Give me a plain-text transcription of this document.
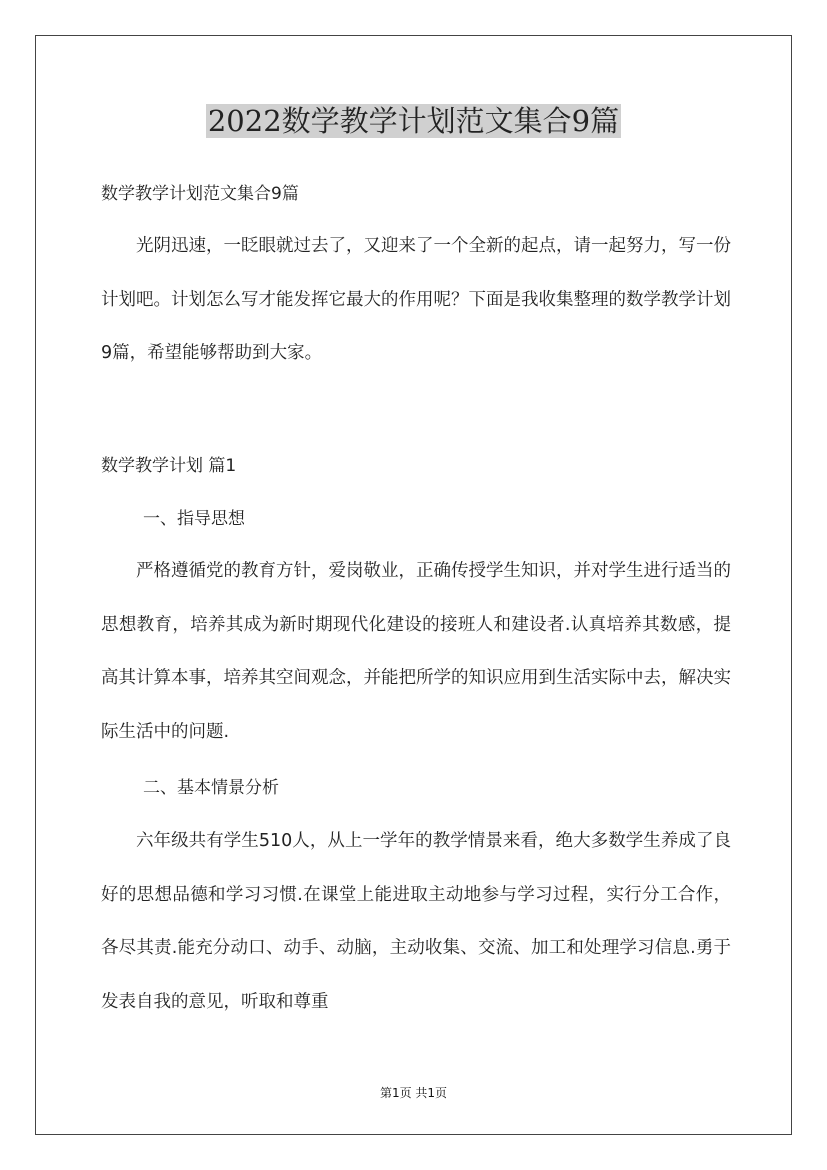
2022数学教学计划范文集合9篇
数学教学计划范文集合9篇

光阴迅速，一眨眼就过去了，又迎来了一个全新的起点，请一起努力，写一份计划吧。计划怎么写才能发挥它最大的作用呢？下面是我收集整理的数学教学计划9篇，希望能够帮助到大家。

数学教学计划 篇1
一、指导思想

严格遵循党的教育方针，爱岗敬业，正确传授学生知识，并对学生进行适当的思想教育，培养其成为新时期现代化建设的接班人和建设者.认真培养其数感，提高其计算本事，培养其空间观念，并能把所学的知识应用到生活实际中去，解决实际生活中的问题.

二、基本情景分析

六年级共有学生510人，从上一学年的教学情景来看，绝大多数学生养成了良好的思想品德和学习习惯.在课堂上能进取主动地参与学习过程，实行分工合作，各尽其责.能充分动口、动手、动脑，主动收集、交流、加工和处理学习信息.勇于发表自我的意见，听取和尊重

第1页 共1页
